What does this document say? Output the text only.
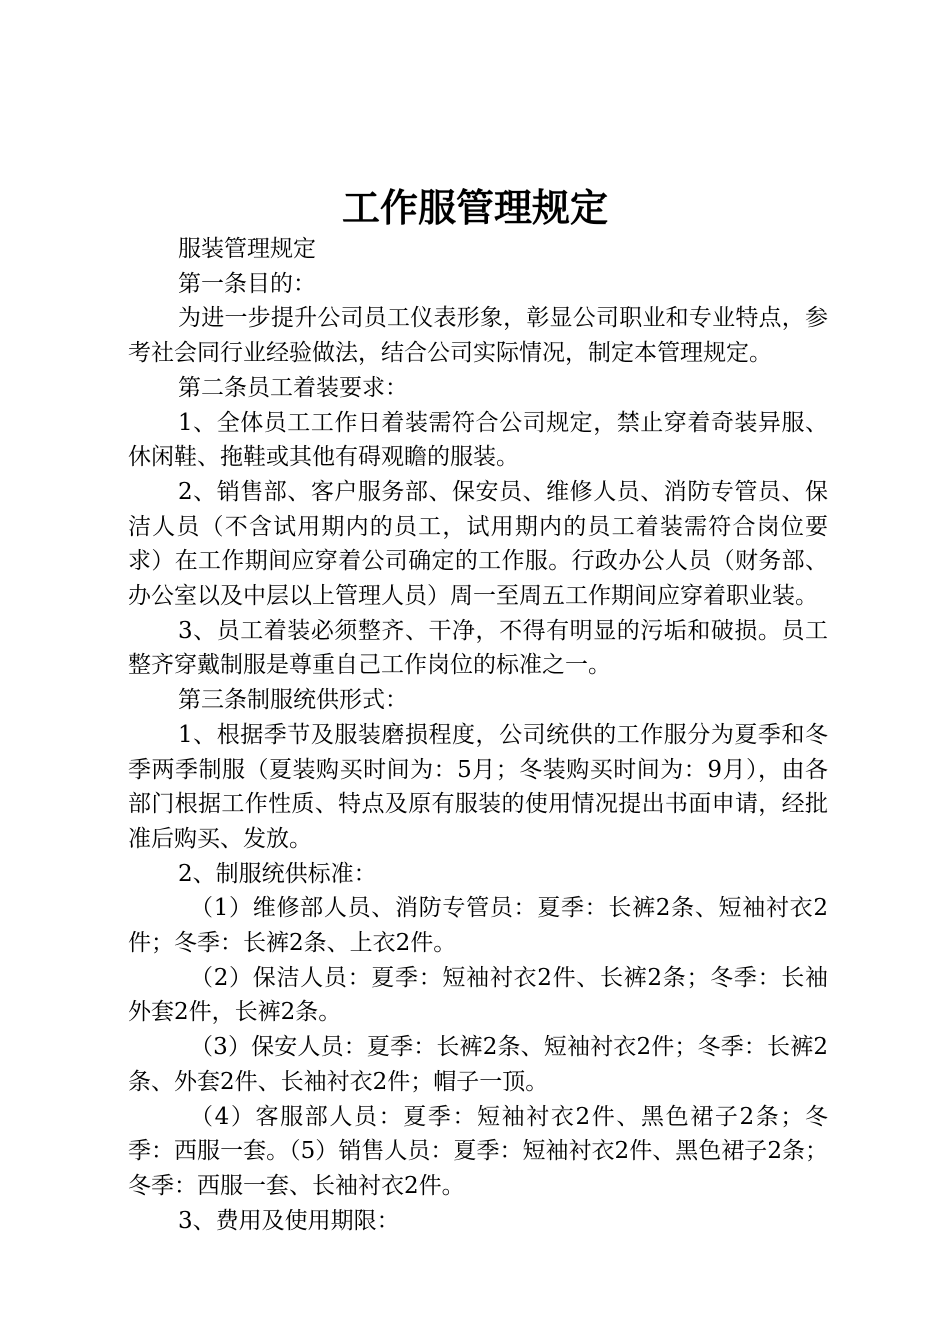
工作服管理规定

服装管理规定

第一条目的：

为进一步提升公司员工仪表形象，彰显公司职业和专业特点，参考社会同行业经验做法，结合公司实际情况，制定本管理规定。

第二条员工着装要求：

1、全体员工工作日着装需符合公司规定，禁止穿着奇装异服、休闲鞋、拖鞋或其他有碍观瞻的服装。

2、销售部、客户服务部、保安员、维修人员、消防专管员、保洁人员（不含试用期内的员工，试用期内的员工着装需符合岗位要求）在工作期间应穿着公司确定的工作服。行政办公人员（财务部、办公室以及中层以上管理人员）周一至周五工作期间应穿着职业装。

3、员工着装必须整齐、干净，不得有明显的污垢和破损。员工整齐穿戴制服是尊重自己工作岗位的标准之一。

第三条制服统供形式：

1、根据季节及服装磨损程度，公司统供的工作服分为夏季和冬季两季制服（夏装购买时间为：5月；冬装购买时间为：9月），由各部门根据工作性质、特点及原有服装的使用情况提出书面申请，经批准后购买、发放。

2、制服统供标准：

（1）维修部人员、消防专管员：夏季：长裤2条、短袖衬衣2件；冬季：长裤2条、上衣2件。

（2）保洁人员：夏季：短袖衬衣2件、长裤2条；冬季：长袖外套2件，长裤2条。

（3）保安人员：夏季：长裤2条、短袖衬衣2件；冬季：长裤2条、外套2件、长袖衬衣2件；帽子一顶。

（4）客服部人员：夏季：短袖衬衣2件、黑色裙子2条；冬季：西服一套。（5）销售人员：夏季：短袖衬衣2件、黑色裙子2条；冬季：西服一套、长袖衬衣2件。

3、费用及使用期限：
